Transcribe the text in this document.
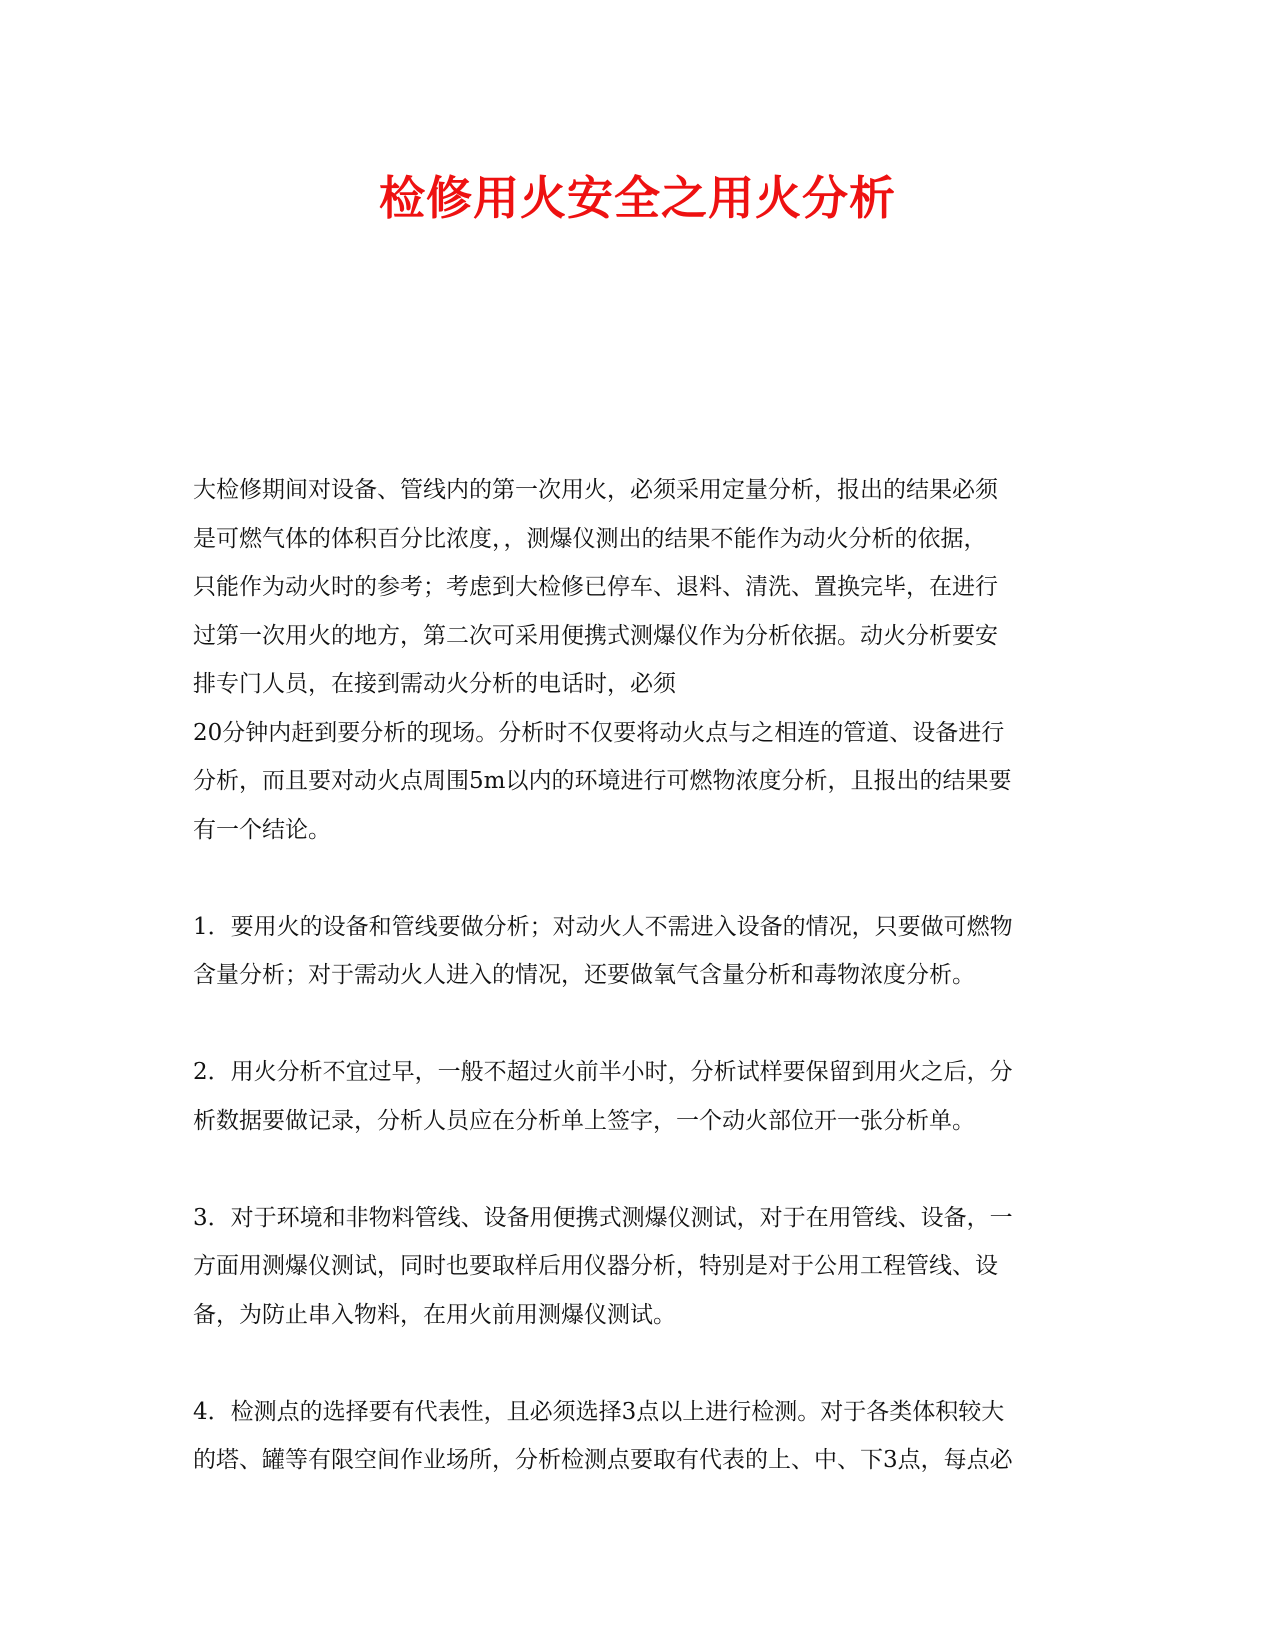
检修用火安全之用火分析

大检修期间对设备、管线内的第一次用火，必须采用定量分析，报出的结果必须
是可燃气体的体积百分比浓度，，测爆仪测出的结果不能作为动火分析的依据，
只能作为动火时的参考；考虑到大检修已停车、退料、清洗、置换完毕，在进行
过第一次用火的地方，第二次可采用便携式测爆仪作为分析依据。动火分析要安
排专门人员，在接到需动火分析的电话时，必须
20分钟内赶到要分析的现场。分析时不仅要将动火点与之相连的管道、设备进行
分析，而且要对动火点周围5m以内的环境进行可燃物浓度分析，且报出的结果要
有一个结论。

1．要用火的设备和管线要做分析；对动火人不需进入设备的情况，只要做可燃物
含量分析；对于需动火人进入的情况，还要做氧气含量分析和毒物浓度分析。

2．用火分析不宜过早，一般不超过火前半小时，分析试样要保留到用火之后，分
析数据要做记录，分析人员应在分析单上签字，一个动火部位开一张分析单。

3．对于环境和非物料管线、设备用便携式测爆仪测试，对于在用管线、设备，一
方面用测爆仪测试，同时也要取样后用仪器分析，特别是对于公用工程管线、设
备，为防止串入物料，在用火前用测爆仪测试。

4．检测点的选择要有代表性，且必须选择3点以上进行检测。对于各类体积较大
的塔、罐等有限空间作业场所，分析检测点要取有代表的上、中、下3点，每点必
